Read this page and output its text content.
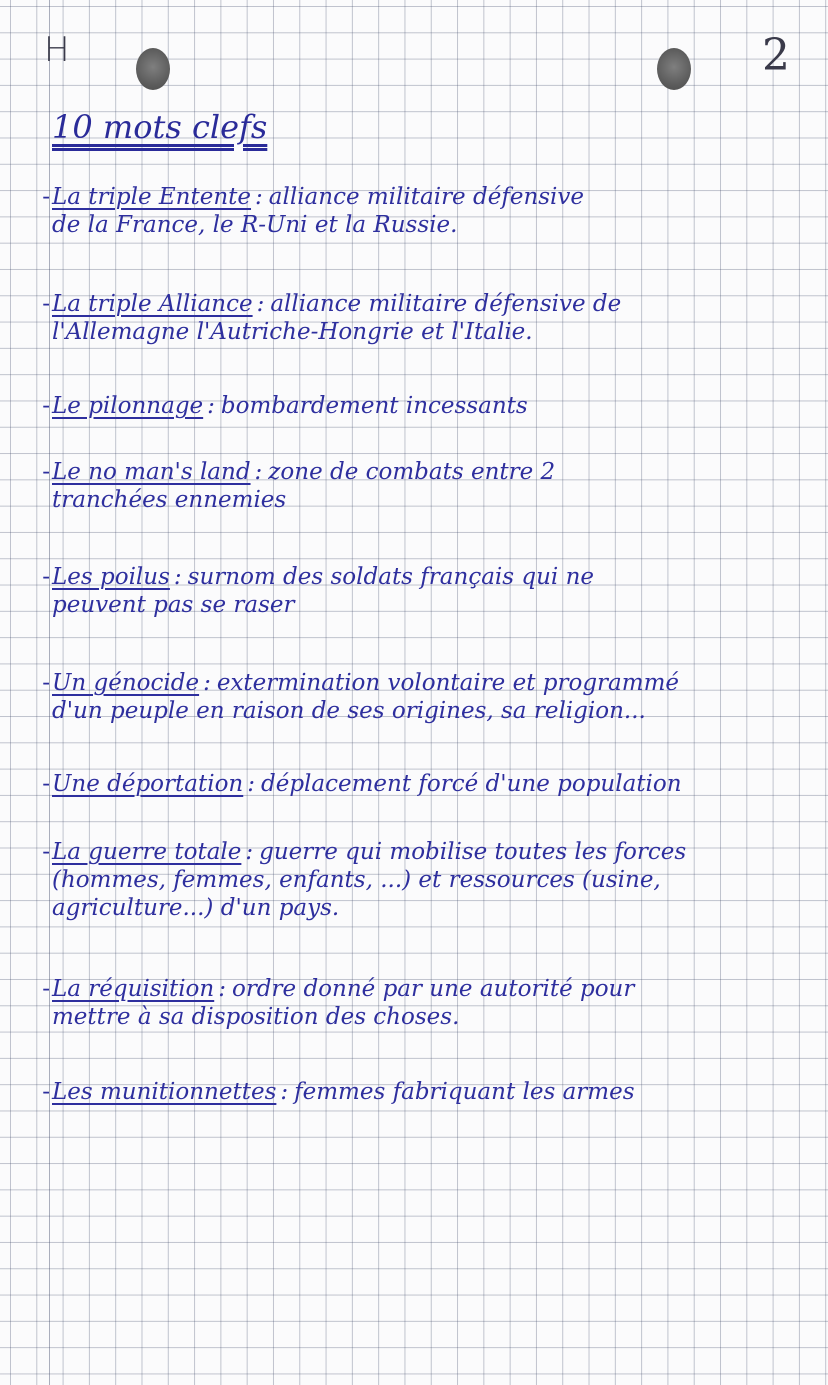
H	2
10 mots clefs
-La triple Entente : alliance militaire défensive
de la France, le R-Uni et la Russie.
-La triple Alliance : alliance militaire défensive de
l'Allemagne l'Autriche-Hongrie et l'Italie.
-Le pilonnage : bombardement incessants
-Le no man's land : zone de combats entre 2
tranchées ennemies
-Les poilus : surnom des soldats français qui ne
peuvent pas se raser
-Un génocide : extermination volontaire et programmé
d'un peuple en raison de ses origines, sa religion...
-Une déportation : déplacement forcé d'une population
-La guerre totale : guerre qui mobilise toutes les forces
(hommes, femmes, enfants, ...) et ressources (usine,
agriculture...) d'un pays.
-La réquisition : ordre donné par une autorité pour
mettre à sa disposition des choses.
-Les munitionnettes : femmes fabriquant les armes
